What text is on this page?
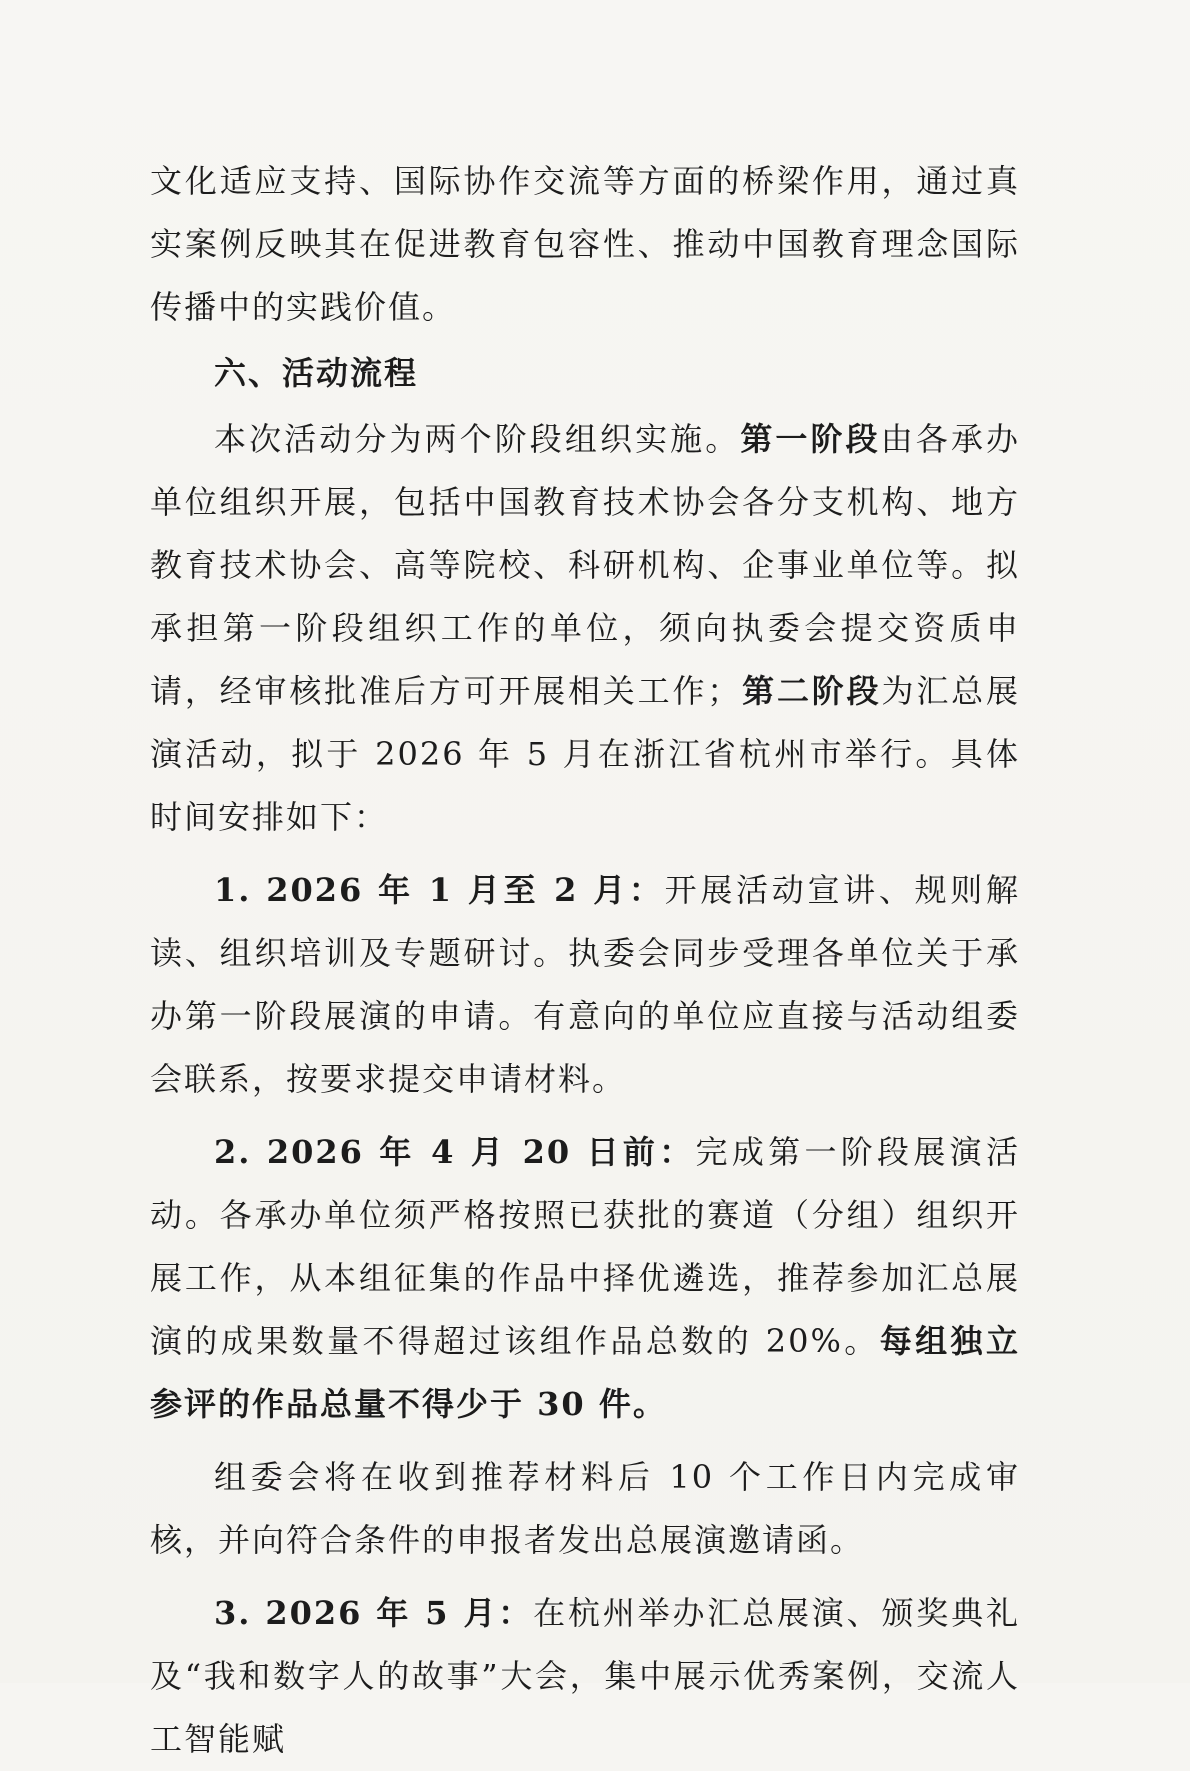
文化适应支持、国际协作交流等方面的桥梁作用，通过真实案例反映其在促进教育包容性、推动中国教育理念国际传播中的实践价值。

六、活动流程

本次活动分为两个阶段组织实施。第一阶段由各承办单位组织开展，包括中国教育技术协会各分支机构、地方教育技术协会、高等院校、科研机构、企事业单位等。拟承担第一阶段组织工作的单位，须向执委会提交资质申请，经审核批准后方可开展相关工作；第二阶段为汇总展演活动，拟于 2026 年 5 月在浙江省杭州市举行。具体时间安排如下：

1. 2026 年 1 月至 2 月：开展活动宣讲、规则解读、组织培训及专题研讨。执委会同步受理各单位关于承办第一阶段展演的申请。有意向的单位应直接与活动组委会联系，按要求提交申请材料。

2. 2026 年 4 月 20 日前：完成第一阶段展演活动。各承办单位须严格按照已获批的赛道（分组）组织开展工作，从本组征集的作品中择优遴选，推荐参加汇总展演的成果数量不得超过该组作品总数的 20%。每组独立参评的作品总量不得少于 30 件。

组委会将在收到推荐材料后 10 个工作日内完成审核，并向符合条件的申报者发出总展演邀请函。

3. 2026 年 5 月：在杭州举办汇总展演、颁奖典礼及“我和数字人的故事”大会，集中展示优秀案例，交流人工智能赋
